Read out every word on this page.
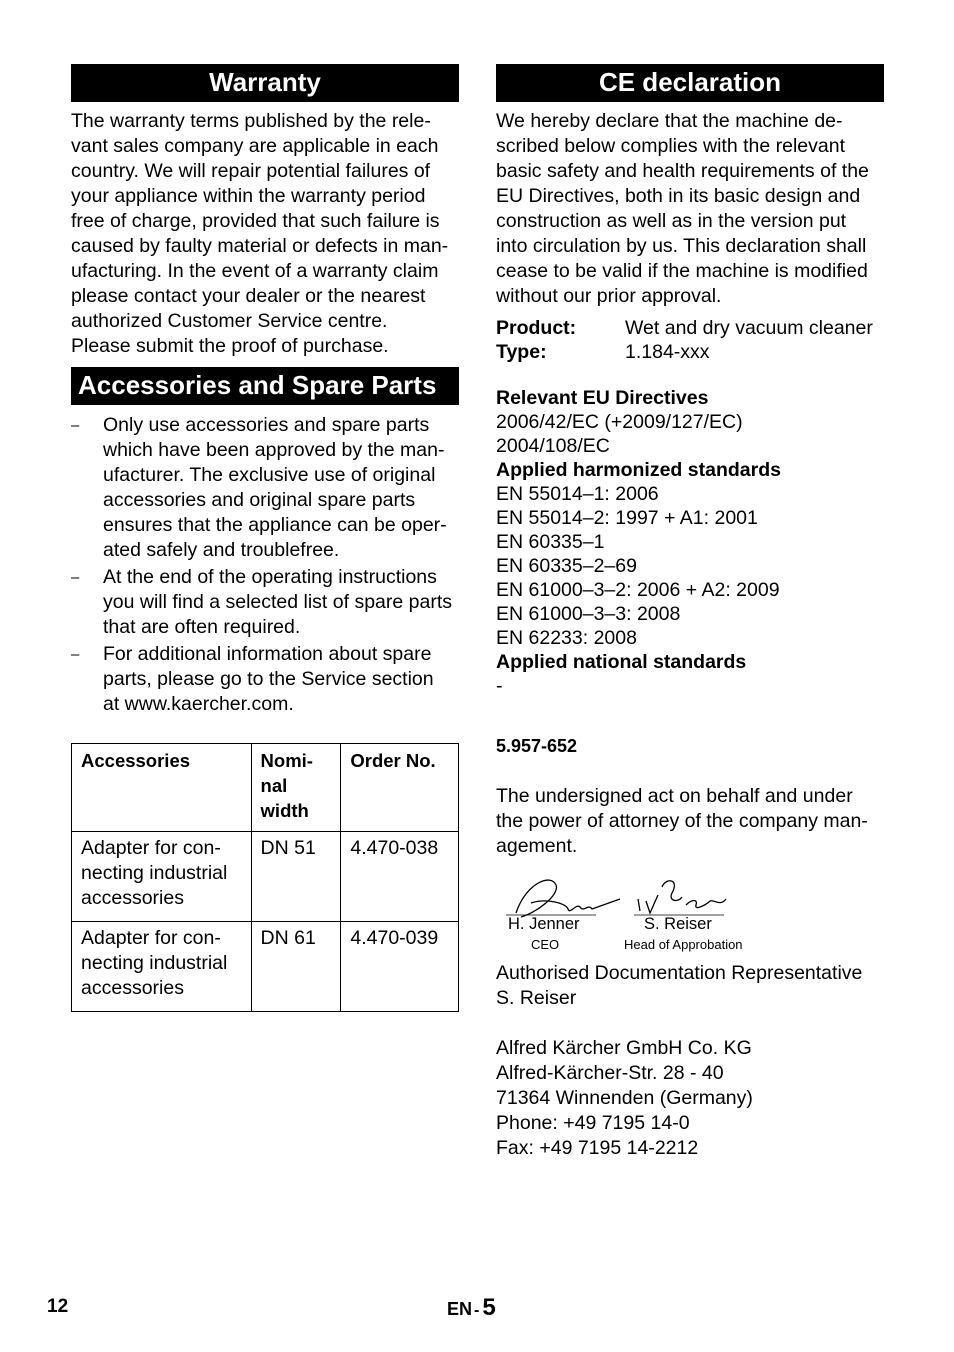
Warranty
The warranty terms published by the rele-
vant sales company are applicable in each
country. We will repair potential failures of
your appliance within the warranty period
free of charge, provided that such failure is
caused by faulty material or defects in man-
ufacturing. In the event of a warranty claim
please contact your dealer or the nearest
authorized Customer Service centre.
Please submit the proof of purchase.
Accessories and Spare Parts
– Only use accessories and spare parts
which have been approved by the man-
ufacturer. The exclusive use of original
accessories and original spare parts
ensures that the appliance can be oper-
ated safely and troublefree.
– At the end of the operating instructions
you will find a selected list of spare parts
that are often required.
– For additional information about spare
parts, please go to the Service section
at www.kaercher.com.
Accessories	Nomi-
nal
width	Order No.

Adapter for con-
necting industrial
accessories	DN 51	4.470-038

Adapter for con-
necting industrial
accessories	DN 61	4.470-039
CE declaration
We hereby declare that the machine de-
scribed below complies with the relevant
basic safety and health requirements of the
EU Directives, both in its basic design and
construction as well as in the version put
into circulation by us. This declaration shall
cease to be valid if the machine is modified
without our prior approval.
Product:	Wet and dry vacuum cleaner
Type:	1.184-xxx
Relevant EU Directives
2006/42/EC (+2009/127/EC)
2004/108/EC
Applied harmonized standards
EN 55014–1: 2006
EN 55014–2: 1997 + A1: 2001
EN 60335–1
EN 60335–2–69
EN 61000–3–2: 2006 + A2: 2009
EN 61000–3–3: 2008
EN 62233: 2008
Applied national standards
-
5.957-652
The undersigned act on behalf and under
the power of attorney of the company man-
agement.
H. Jenner
CEO
S. Reiser
Head of Approbation
Authorised Documentation Representative
S. Reiser
Alfred Kärcher GmbH Co. KG
Alfred-Kärcher-Str. 28 - 40
71364 Winnenden (Germany)
Phone: +49 7195 14-0
Fax: +49 7195 14-2212
12	EN - 5
